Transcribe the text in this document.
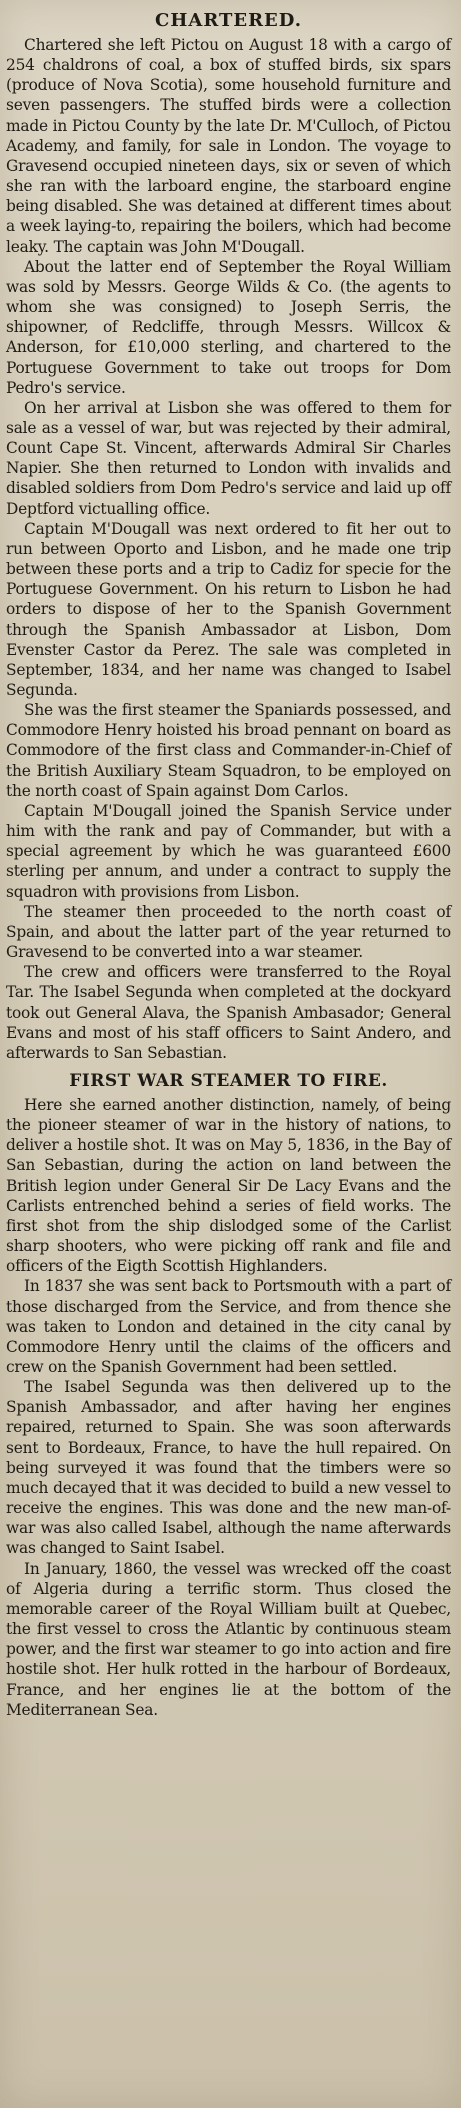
CHARTERED.

Chartered she left Pictou on August 18 with a cargo of 254 chaldrons of coal, a box of stuffed birds, six spars (produce of Nova Scotia), some household furniture and seven passengers. The stuffed birds were a collection made in Pictou County by the late Dr. M'Culloch, of Pictou Academy, and family, for sale in London. The voyage to Gravesend occupied nineteen days, six or seven of which she ran with the larboard engine, the starboard engine being disabled. She was detained at different times about a week laying-to, repairing the boilers, which had become leaky. The captain was John M'Dougall.

About the latter end of September the Royal William was sold by Messrs. George Wilds & Co. (the agents to whom she was consigned) to Joseph Serris, the shipowner, of Redcliffe, through Messrs. Willcox & Anderson, for £10,000 sterling, and chartered to the Portuguese Government to take out troops for Dom Pedro's service.

On her arrival at Lisbon she was offered to them for sale as a vessel of war, but was rejected by their admiral, Count Cape St. Vincent, afterwards Admiral Sir Charles Napier. She then returned to London with invalids and disabled soldiers from Dom Pedro's service and laid up off Deptford victualling office.

Captain M'Dougall was next ordered to fit her out to run between Oporto and Lisbon, and he made one trip between these ports and a trip to Cadiz for specie for the Portuguese Government. On his return to Lisbon he had orders to dispose of her to the Spanish Government through the Spanish Ambassador at Lisbon, Dom Evenster Castor da Perez. The sale was completed in September, 1834, and her name was changed to Isabel Segunda.

She was the first steamer the Spaniards possessed, and Commodore Henry hoisted his broad pennant on board as Commodore of the first class and Commander-in-Chief of the British Auxiliary Steam Squadron, to be employed on the north coast of Spain against Dom Carlos.

Captain M'Dougall joined the Spanish Service under him with the rank and pay of Commander, but with a special agreement by which he was guaranteed £600 sterling per annum, and under a contract to supply the squadron with provisions from Lisbon.

The steamer then proceeded to the north coast of Spain, and about the latter part of the year returned to Gravesend to be converted into a war steamer.

The crew and officers were transferred to the Royal Tar. The Isabel Segunda when completed at the dockyard took out General Alava, the Spanish Ambasador; General Evans and most of his staff officers to Saint Andero, and afterwards to San Sebastian.

FIRST WAR STEAMER TO FIRE.

Here she earned another distinction, namely, of being the pioneer steamer of war in the history of nations, to deliver a hostile shot. It was on May 5, 1836, in the Bay of San Sebastian, during the action on land between the British legion under General Sir De Lacy Evans and the Carlists entrenched behind a series of field works. The first shot from the ship dislodged some of the Carlist sharp shooters, who were picking off rank and file and officers of the Eigth Scottish Highlanders.

In 1837 she was sent back to Portsmouth with a part of those discharged from the Service, and from thence she was taken to London and detained in the city canal by Commodore Henry until the claims of the officers and crew on the Spanish Government had been settled.

The Isabel Segunda was then delivered up to the Spanish Ambassador, and after having her engines repaired, returned to Spain. She was soon afterwards sent to Bordeaux, France, to have the hull repaired. On being surveyed it was found that the timbers were so much decayed that it was decided to build a new vessel to receive the engines. This was done and the new man-of-war was also called Isabel, although the name afterwards was changed to Saint Isabel.

In January, 1860, the vessel was wrecked off the coast of Algeria during a terrific storm. Thus closed the memorable career of the Royal William built at Quebec, the first vessel to cross the Atlantic by continuous steam power, and the first war steamer to go into action and fire hostile shot. Her hulk rotted in the harbour of Bordeaux, France, and her engines lie at the bottom of the Mediterranean Sea.
